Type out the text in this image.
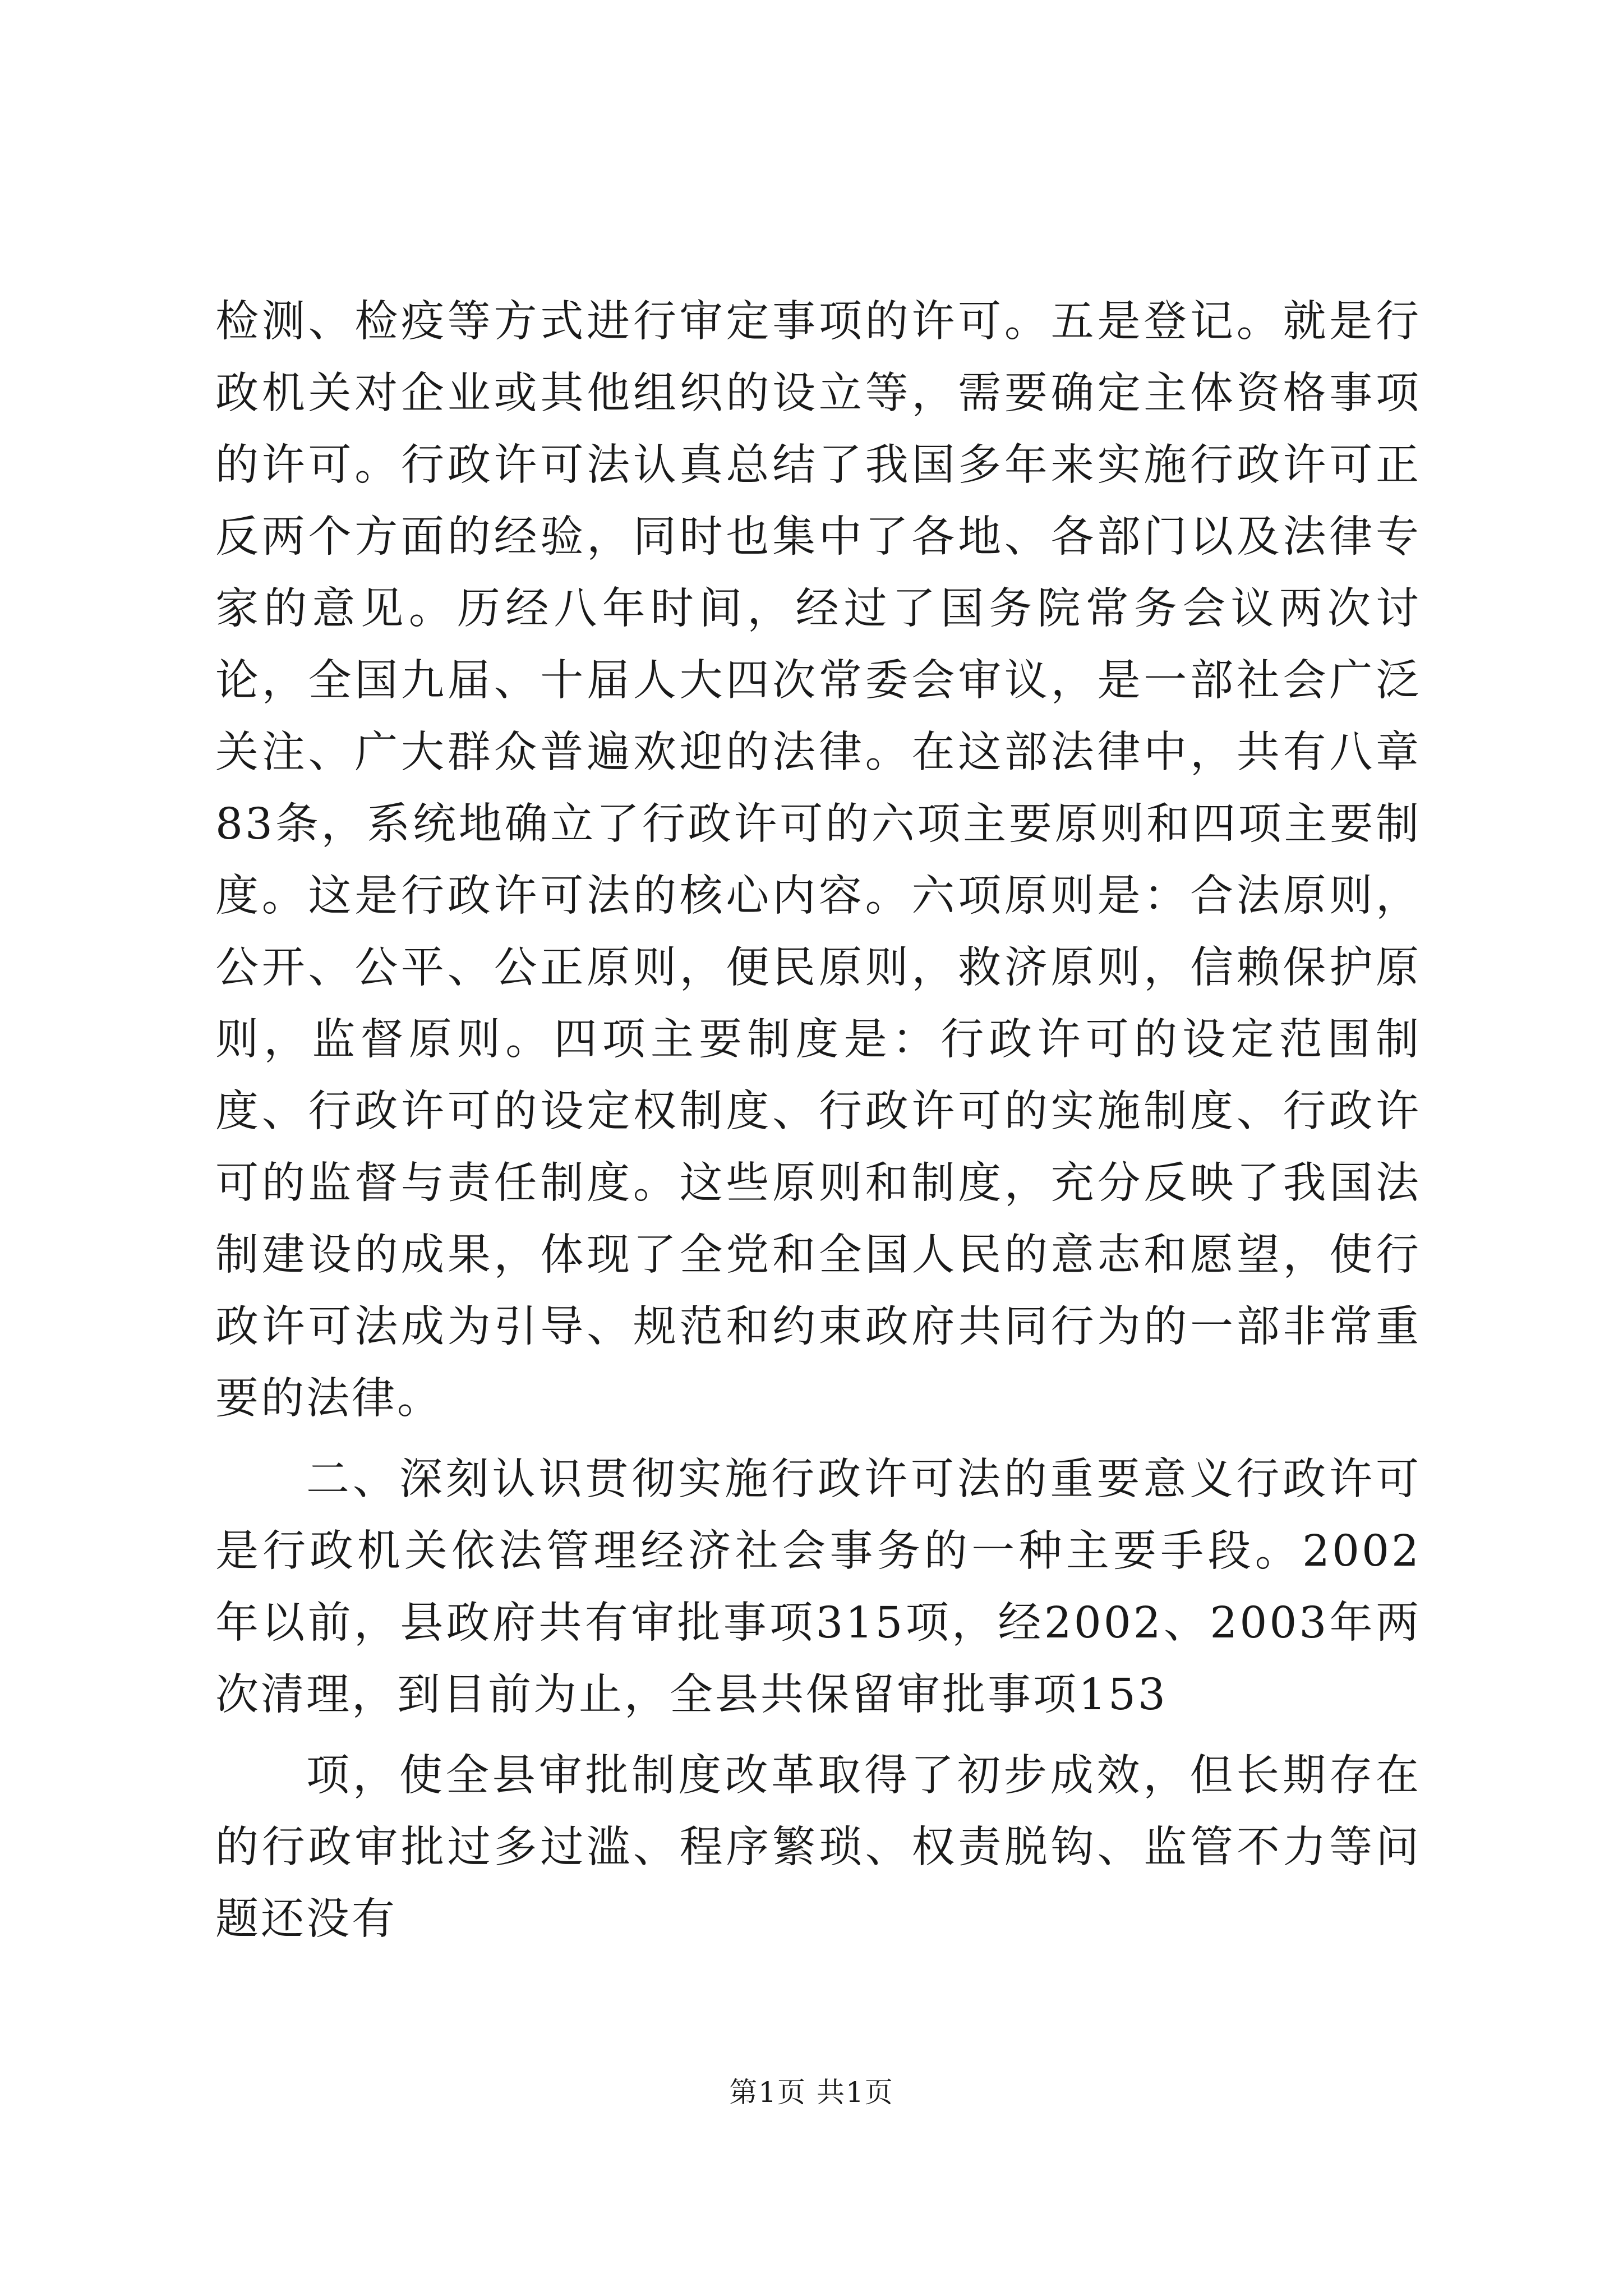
检测、检疫等方式进行审定事项的许可。五是登记。就是行政机关对企业或其他组织的设立等，需要确定主体资格事项的许可。行政许可法认真总结了我国多年来实施行政许可正反两个方面的经验，同时也集中了各地、各部门以及法律专家的意见。历经八年时间，经过了国务院常务会议两次讨论，全国九届、十届人大四次常委会审议，是一部社会广泛关注、广大群众普遍欢迎的法律。在这部法律中，共有八章83条，系统地确立了行政许可的六项主要原则和四项主要制度。这是行政许可法的核心内容。六项原则是：合法原则，公开、公平、公正原则，便民原则，救济原则，信赖保护原则，监督原则。四项主要制度是：行政许可的设定范围制度、行政许可的设定权制度、行政许可的实施制度、行政许可的监督与责任制度。这些原则和制度，充分反映了我国法制建设的成果，体现了全党和全国人民的意志和愿望，使行政许可法成为引导、规范和约束政府共同行为的一部非常重要的法律。

二、深刻认识贯彻实施行政许可法的重要意义行政许可是行政机关依法管理经济社会事务的一种主要手段。2002年以前，县政府共有审批事项315项，经2002、2003年两次清理，到目前为止，全县共保留审批事项153

项，使全县审批制度改革取得了初步成效，但长期存在的行政审批过多过滥、程序繁琐、权责脱钩、监管不力等问题还没有

第1页 共1页
